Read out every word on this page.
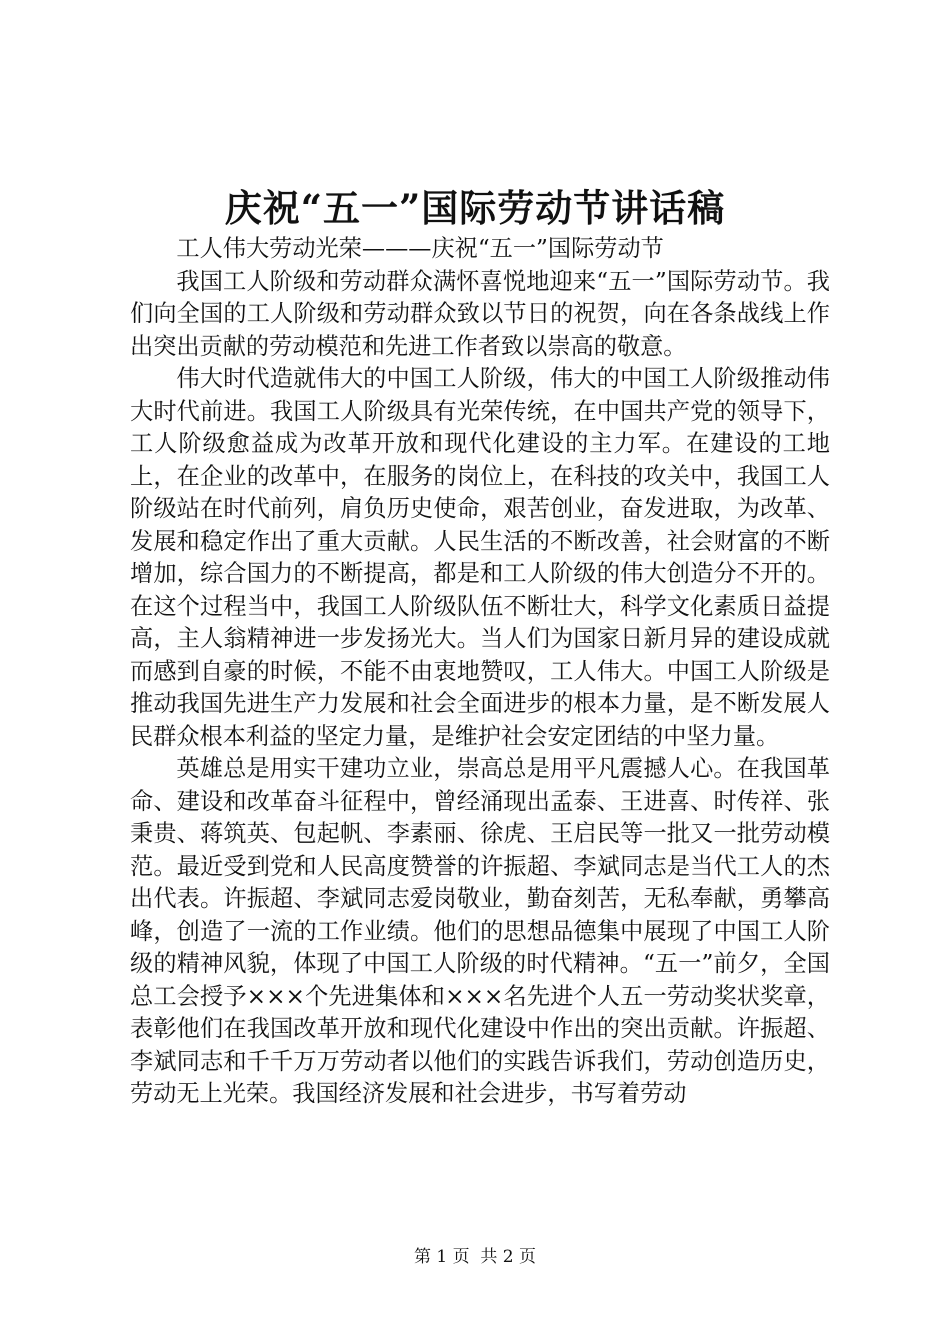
庆祝“五一”国际劳动节讲话稿

工人伟大劳动光荣———庆祝“五一”国际劳动节

我国工人阶级和劳动群众满怀喜悦地迎来“五一”国际劳动节。我们向全国的工人阶级和劳动群众致以节日的祝贺，向在各条战线上作出突出贡献的劳动模范和先进工作者致以崇高的敬意。

伟大时代造就伟大的中国工人阶级，伟大的中国工人阶级推动伟大时代前进。我国工人阶级具有光荣传统，在中国共产党的领导下，工人阶级愈益成为改革开放和现代化建设的主力军。在建设的工地上，在企业的改革中，在服务的岗位上，在科技的攻关中，我国工人阶级站在时代前列，肩负历史使命，艰苦创业，奋发进取，为改革、发展和稳定作出了重大贡献。人民生活的不断改善，社会财富的不断增加，综合国力的不断提高，都是和工人阶级的伟大创造分不开的。在这个过程当中，我国工人阶级队伍不断壮大，科学文化素质日益提高，主人翁精神进一步发扬光大。当人们为国家日新月异的建设成就而感到自豪的时候，不能不由衷地赞叹，工人伟大。中国工人阶级是推动我国先进生产力发展和社会全面进步的根本力量，是不断发展人民群众根本利益的坚定力量，是维护社会安定团结的中坚力量。

英雄总是用实干建功立业，崇高总是用平凡震撼人心。在我国革命、建设和改革奋斗征程中，曾经涌现出孟泰、王进喜、时传祥、张秉贵、蒋筑英、包起帆、李素丽、徐虎、王启民等一批又一批劳动模范。最近受到党和人民高度赞誉的许振超、李斌同志是当代工人的杰出代表。许振超、李斌同志爱岗敬业，勤奋刻苦，无私奉献，勇攀高峰，创造了一流的工作业绩。他们的思想品德集中展现了中国工人阶级的精神风貌，体现了中国工人阶级的时代精神。“五一”前夕，全国总工会授予×××个先进集体和×××名先进个人五一劳动奖状奖章，表彰他们在我国改革开放和现代化建设中作出的突出贡献。许振超、李斌同志和千千万万劳动者以他们的实践告诉我们，劳动创造历史，劳动无上光荣。我国经济发展和社会进步，书写着劳动

第 1 页 共 2 页
